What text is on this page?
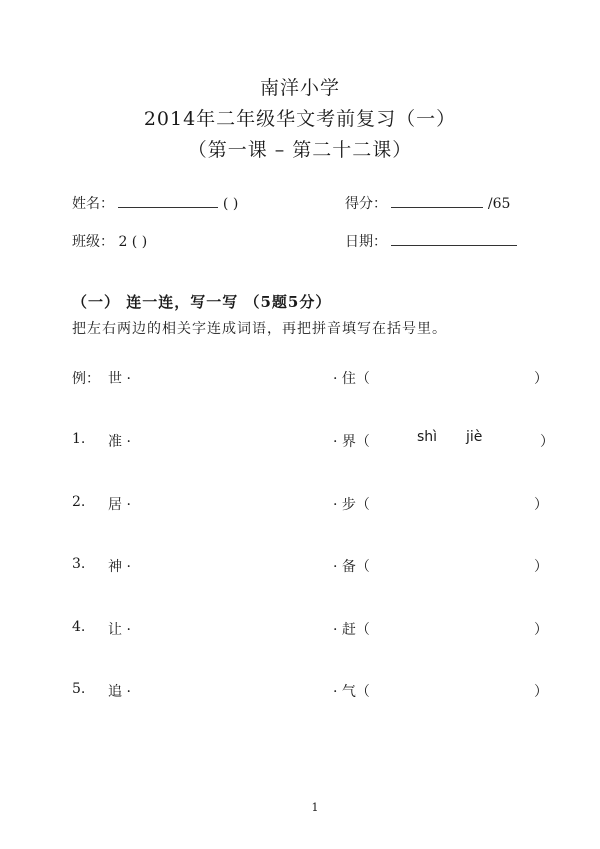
南洋小学
2014年二年级华文考前复习（一）
（第一课 – 第二十二课）
姓名：	( )	得分：	/65
班级： 2 ( )	日期：
（一） 连一连，写一写 （5题5分）
把左右两边的相关字连成词语，再把拼音填写在括号里。
例： 世 ·	· 住（	）
1. 准 ·	· 界（	shì jiè	）
2. 居 ·	· 步（	）
3. 神 ·	· 备（	）
4. 让 ·	· 赶（	）
5. 追 ·	· 气（	）
1
